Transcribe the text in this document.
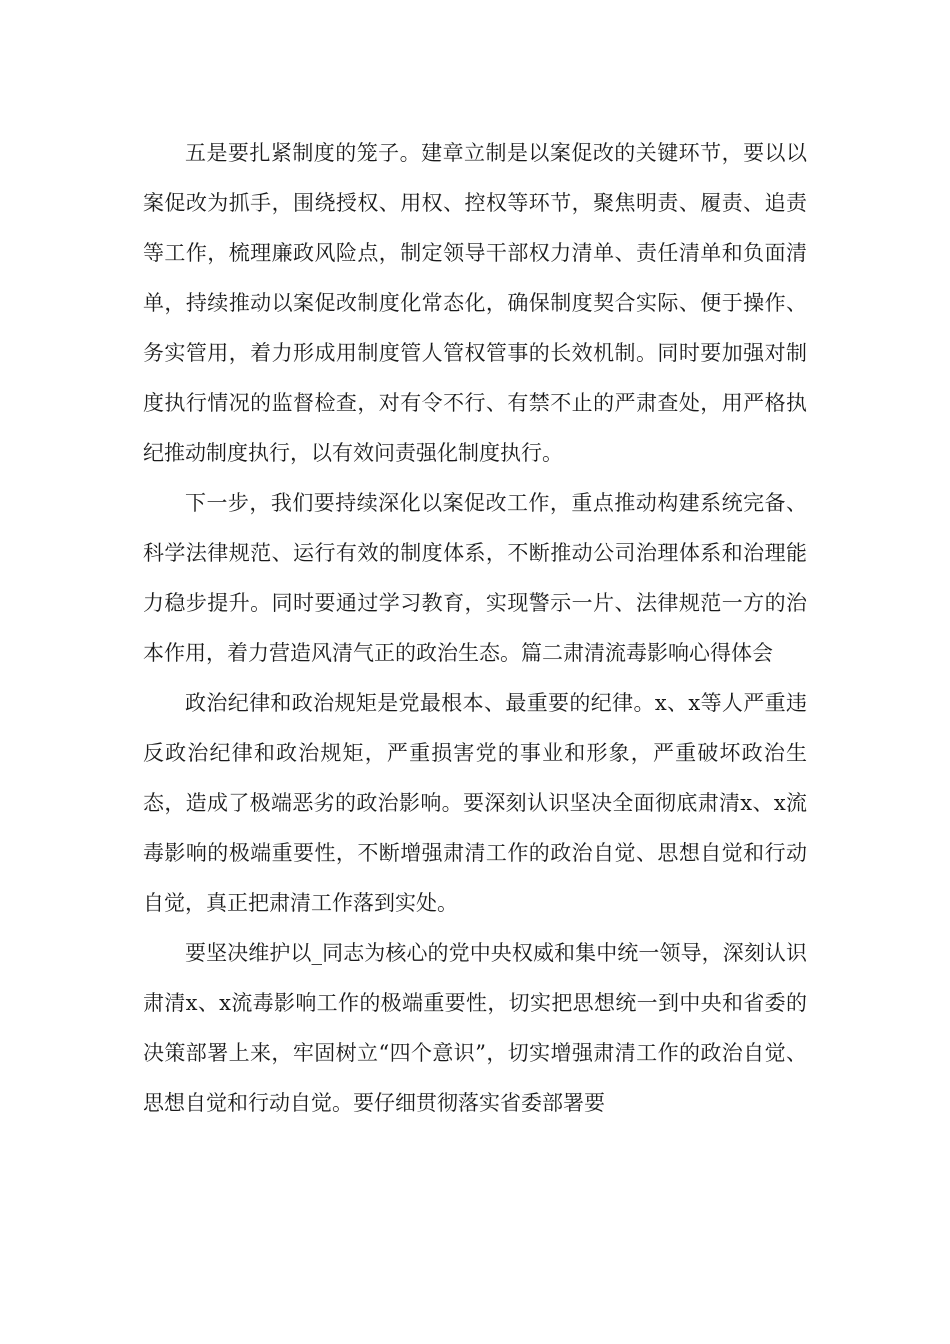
五是要扎紧制度的笼子。建章立制是以案促改的关键环节，要以以案促改为抓手，围绕授权、用权、控权等环节，聚焦明责、履责、追责等工作，梳理廉政风险点，制定领导干部权力清单、责任清单和负面清单，持续推动以案促改制度化常态化，确保制度契合实际、便于操作、务实管用，着力形成用制度管人管权管事的长效机制。同时要加强对制度执行情况的监督检查，对有令不行、有禁不止的严肃查处，用严格执纪推动制度执行，以有效问责强化制度执行。

下一步，我们要持续深化以案促改工作，重点推动构建系统完备、科学法律规范、运行有效的制度体系，不断推动公司治理体系和治理能力稳步提升。同时要通过学习教育，实现警示一片、法律规范一方的治本作用，着力营造风清气正的政治生态。篇二肃清流毒影响心得体会

政治纪律和政治规矩是党最根本、最重要的纪律。x、x等人严重违反政治纪律和政治规矩，严重损害党的事业和形象，严重破坏政治生态，造成了极端恶劣的政治影响。要深刻认识坚决全面彻底肃清x、x流毒影响的极端重要性，不断增强肃清工作的政治自觉、思想自觉和行动自觉，真正把肃清工作落到实处。

要坚决维护以_同志为核心的党中央权威和集中统一领导，深刻认识肃清x、x流毒影响工作的极端重要性，切实把思想统一到中央和省委的决策部署上来，牢固树立“四个意识”，切实增强肃清工作的政治自觉、思想自觉和行动自觉。要仔细贯彻落实省委部署要
